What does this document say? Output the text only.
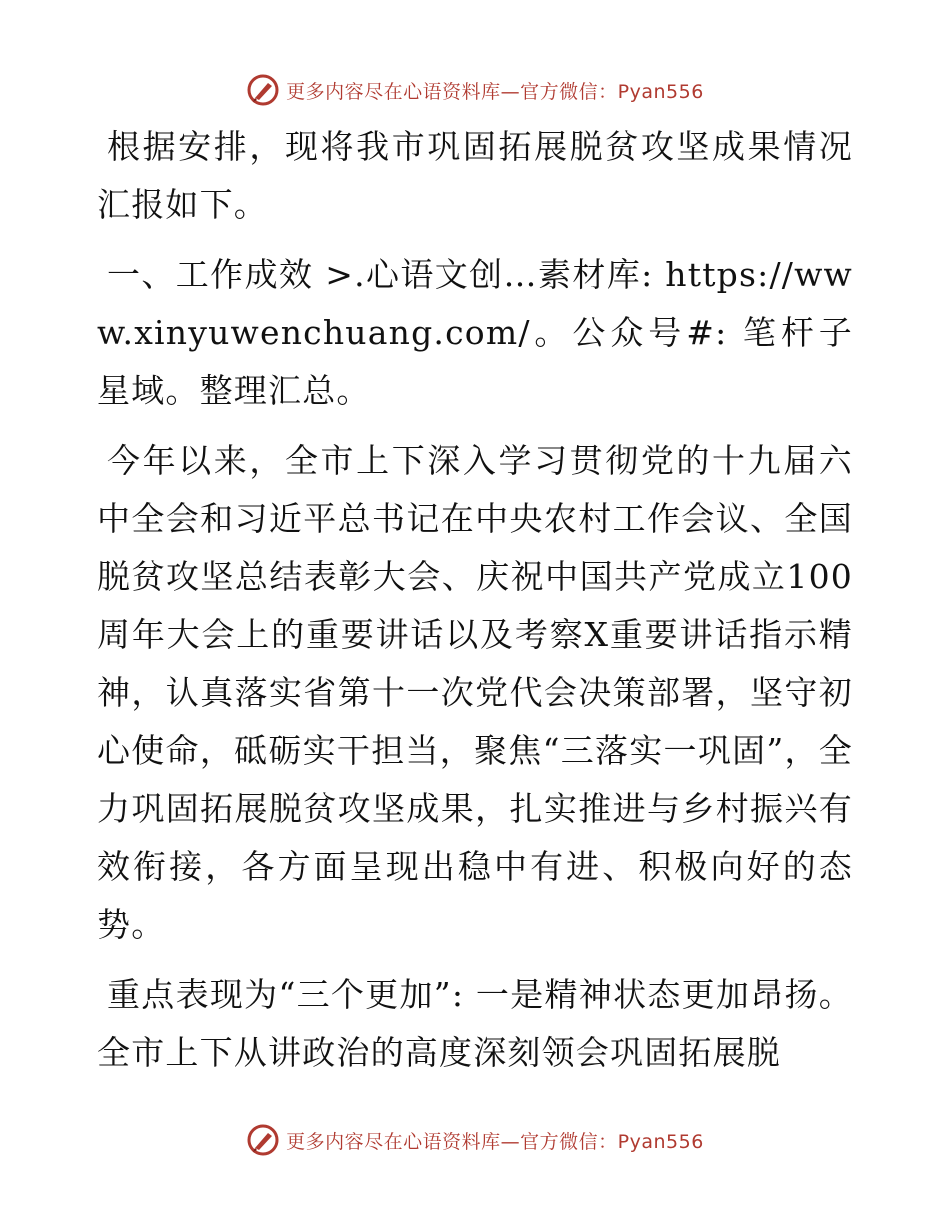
更多内容尽在心语资料库—官方微信：Pyan556

根据安排，现将我市巩固拓展脱贫攻坚成果情况汇报如下。

一、工作成效 >.心语文创…素材库: https://www.xinyuwenchuang.com/。公众号#: 笔杆子星域。整理汇总。

今年以来，全市上下深入学习贯彻党的十九届六中全会和习近平总书记在中央农村工作会议、全国脱贫攻坚总结表彰大会、庆祝中国共产党成立100周年大会上的重要讲话以及考察X重要讲话指示精神，认真落实省第十一次党代会决策部署，坚守初心使命，砥砺实干担当，聚焦“三落实一巩固”，全力巩固拓展脱贫攻坚成果，扎实推进与乡村振兴有效衔接，各方面呈现出稳中有进、积极向好的态势。

重点表现为“三个更加”: 一是精神状态更加昂扬。全市上下从讲政治的高度深刻领会巩固拓展脱

更多内容尽在心语资料库—官方微信：Pyan556
